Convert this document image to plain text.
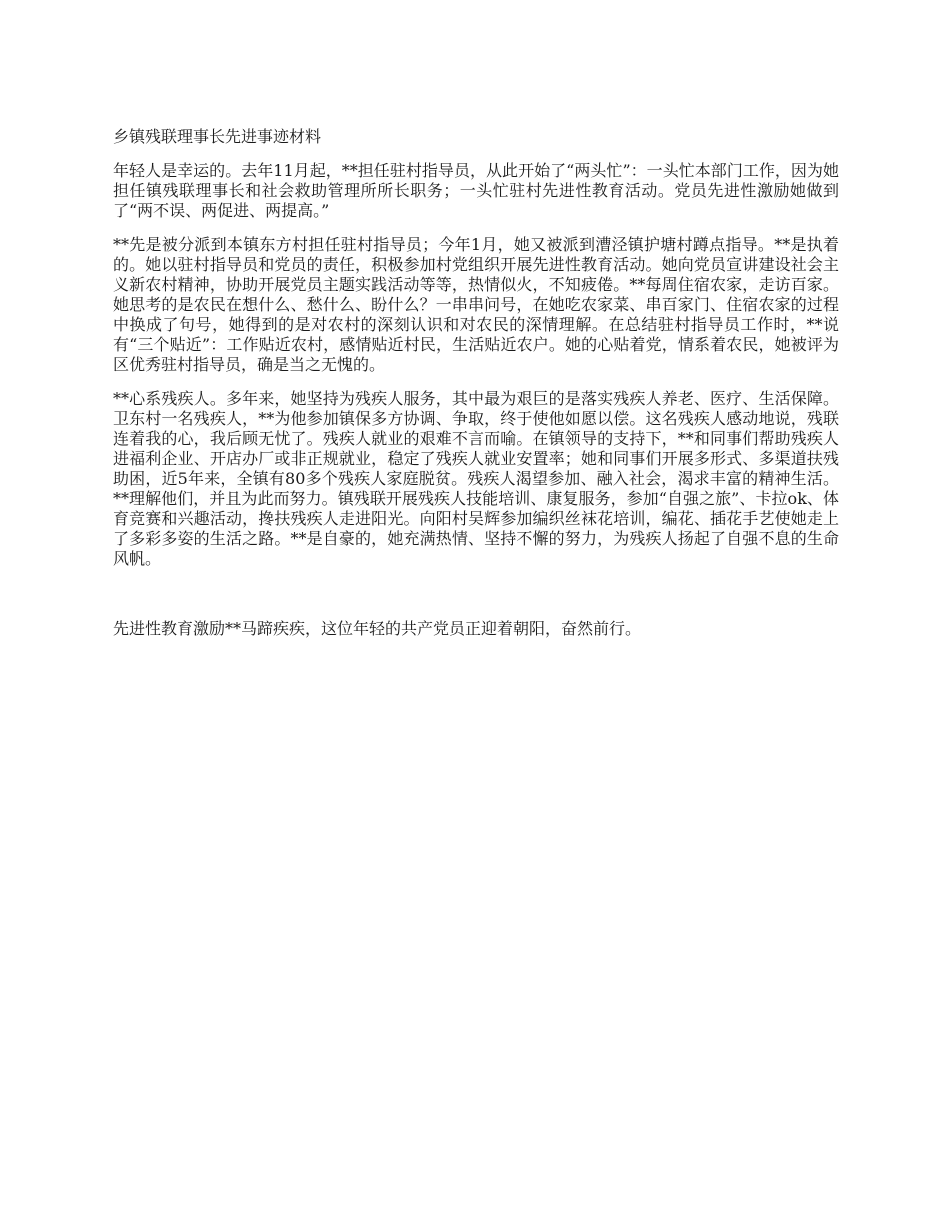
乡镇残联理事长先进事迹材料

年轻人是幸运的。去年11月起，**担任驻村指导员，从此开始了“两头忙”：一头忙本部门工作，因为她担任镇残联理事长和社会救助管理所所长职务；一头忙驻村先进性教育活动。党员先进性激励她做到了“两不误、两促进、两提高。”

**先是被分派到本镇东方村担任驻村指导员；今年1月，她又被派到漕泾镇护塘村蹲点指导。**是执着的。她以驻村指导员和党员的责任，积极参加村党组织开展先进性教育活动。她向党员宣讲建设社会主义新农村精神，协助开展党员主题实践活动等等，热情似火，不知疲倦。**每周住宿农家，走访百家。她思考的是农民在想什么、愁什么、盼什么？一串串问号，在她吃农家菜、串百家门、住宿农家的过程中换成了句号，她得到的是对农村的深刻认识和对农民的深情理解。在总结驻村指导员工作时，**说有“三个贴近”：工作贴近农村，感情贴近村民，生活贴近农户。她的心贴着党，情系着农民，她被评为区优秀驻村指导员，确是当之无愧的。

**心系残疾人。多年来，她坚持为残疾人服务，其中最为艰巨的是落实残疾人养老、医疗、生活保障。卫东村一名残疾人，**为他参加镇保多方协调、争取，终于使他如愿以偿。这名残疾人感动地说，残联连着我的心，我后顾无忧了。残疾人就业的艰难不言而喻。在镇领导的支持下，**和同事们帮助残疾人进福利企业、开店办厂或非正规就业，稳定了残疾人就业安置率；她和同事们开展多形式、多渠道扶残助困，近5年来，全镇有80多个残疾人家庭脱贫。残疾人渴望参加、融入社会，渴求丰富的精神生活。**理解他们，并且为此而努力。镇残联开展残疾人技能培训、康复服务，参加“自强之旅”、卡拉ok、体育竞赛和兴趣活动，搀扶残疾人走进阳光。向阳村吴辉参加编织丝袜花培训，编花、插花手艺使她走上了多彩多姿的生活之路。**是自豪的，她充满热情、坚持不懈的努力，为残疾人扬起了自强不息的生命风帆。

先进性教育激励**马蹄疾疾，这位年轻的共产党员正迎着朝阳，奋然前行。
